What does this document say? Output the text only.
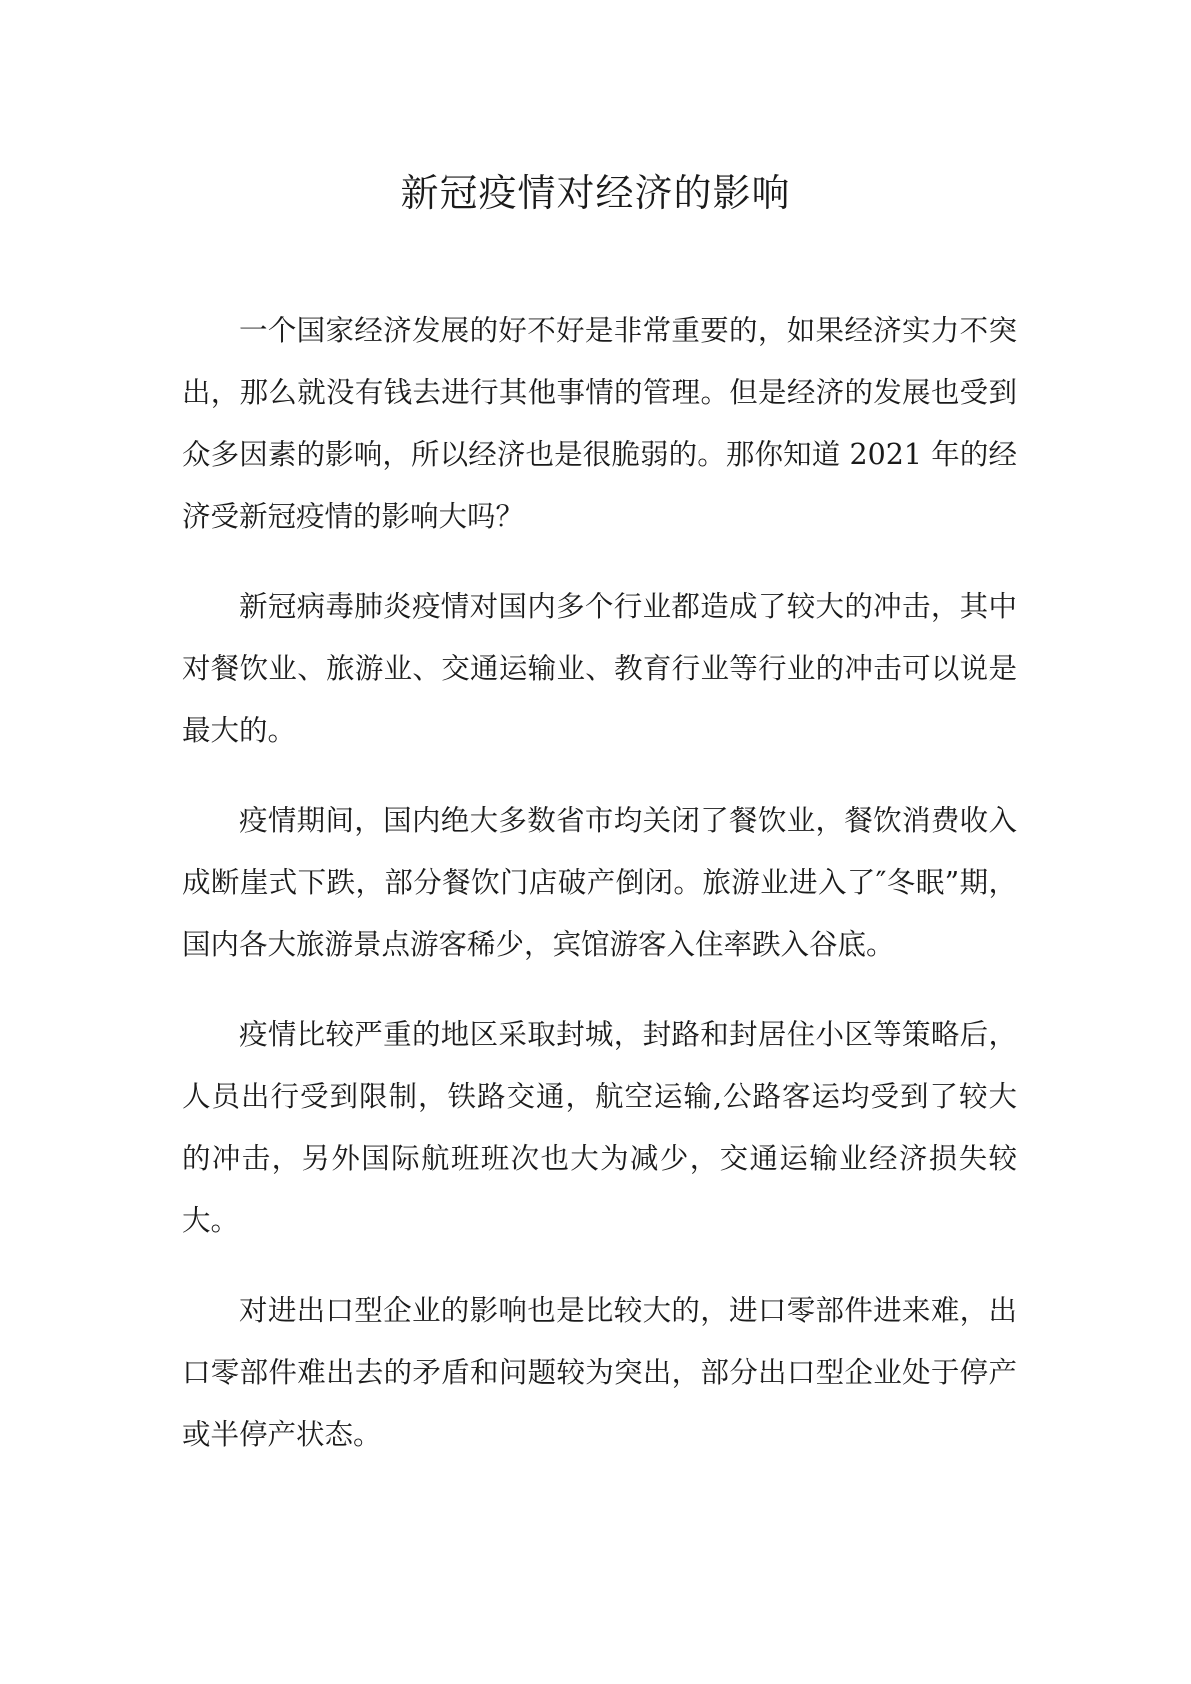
新冠疫情对经济的影响

一个国家经济发展的好不好是非常重要的，如果经济实力不突出，那么就没有钱去进行其他事情的管理。但是经济的发展也受到众多因素的影响，所以经济也是很脆弱的。那你知道 2021 年的经济受新冠疫情的影响大吗？

新冠病毒肺炎疫情对国内多个行业都造成了较大的冲击，其中对餐饮业、旅游业、交通运输业、教育行业等行业的冲击可以说是最大的。

疫情期间，国内绝大多数省市均关闭了餐饮业，餐饮消费收入成断崖式下跌，部分餐饮门店破产倒闭。旅游业进入了″冬眠”期，国内各大旅游景点游客稀少，宾馆游客入住率跌入谷底。

疫情比较严重的地区采取封城，封路和封居住小区等策略后，人员出行受到限制，铁路交通，航空运输,公路客运均受到了较大的冲击，另外国际航班班次也大为减少，交通运输业经济损失较大。

对进出口型企业的影响也是比较大的，进口零部件进来难，出口零部件难出去的矛盾和问题较为突出，部分出口型企业处于停产或半停产状态。
